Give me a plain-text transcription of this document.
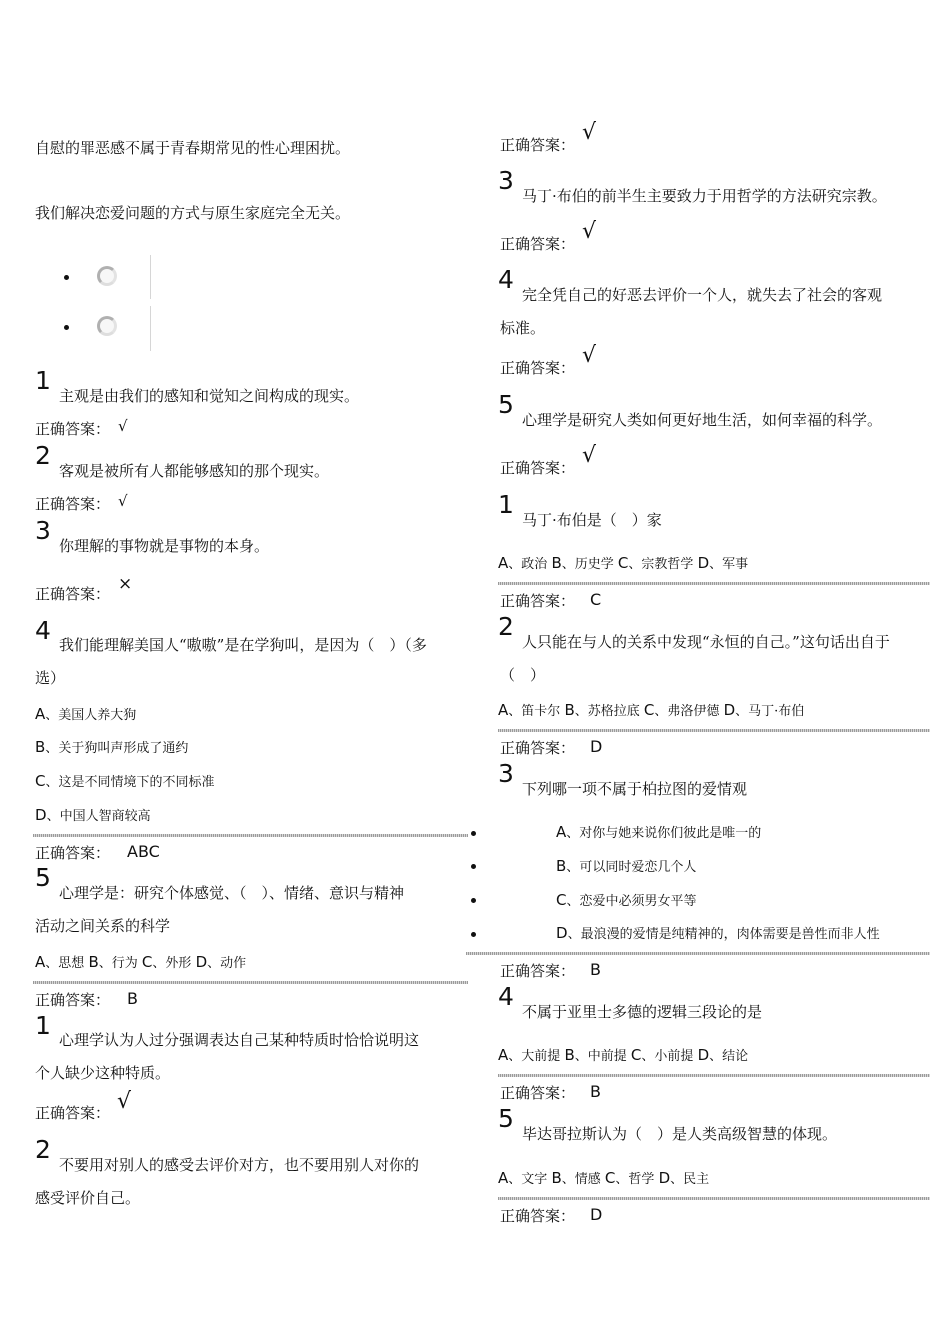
自慰的罪恶感不属于青春期常见的性心理困扰。
我们解决恋爱问题的方式与原生家庭完全无关。
1
主观是由我们的感知和觉知之间构成的现实。
正确答案： √
2
客观是被所有人都能够感知的那个现实。
正确答案： √
3
你理解的事物就是事物的本身。
正确答案： ×
4 我们能理解美国人“嗷嗷”是在学狗叫，是因为（　）（多
选）
A、美国人养大狗
B、关于狗叫声形成了通约
C、这是不同情境下的不同标准
D、中国人智商较高
正确答案： ABC
5
心理学是：研究个体感觉、（　）、情绪、意识与精神
活动之间关系的科学
A、思想 B、行为 C、外形 D、动作
正确答案： B
1 心理学认为人过分强调表达自己某种特质时恰恰说明这
个人缺少这种特质。
正确答案： √
2
不要用对别人的感受去评价对方，也不要用别人对你的
感受评价自己。
正确答案： √
3
马丁·布伯的前半生主要致力于用哲学的方法研究宗教。
正确答案： √
4
完全凭自己的好恶去评价一个人，就失去了社会的客观
标准。
正确答案： √
5
心理学是研究人类如何更好地生活，如何幸福的科学。
正确答案： √
1
马丁·布伯是（　）家
A、政治 B、历史学 C、宗教哲学 D、军事
正确答案： C
2
人只能在与人的关系中发现“永恒的自己。”这句话出自于
（　）
A、笛卡尔 B、苏格拉底 C、弗洛伊德 D、马丁·布伯
正确答案： D
3
下列哪一项不属于柏拉图的爱情观
A、对你与她来说你们彼此是唯一的
B、可以同时爱恋几个人
C、恋爱中必须男女平等
D、最浪漫的爱情是纯精神的，肉体需要是兽性而非人性
正确答案： B
4
不属于亚里士多德的逻辑三段论的是
A、大前提 B、中前提 C、小前提 D、结论
正确答案： B
5
毕达哥拉斯认为（　）是人类高级智慧的体现。
A、文字 B、情感 C、哲学 D、民主
正确答案： D
